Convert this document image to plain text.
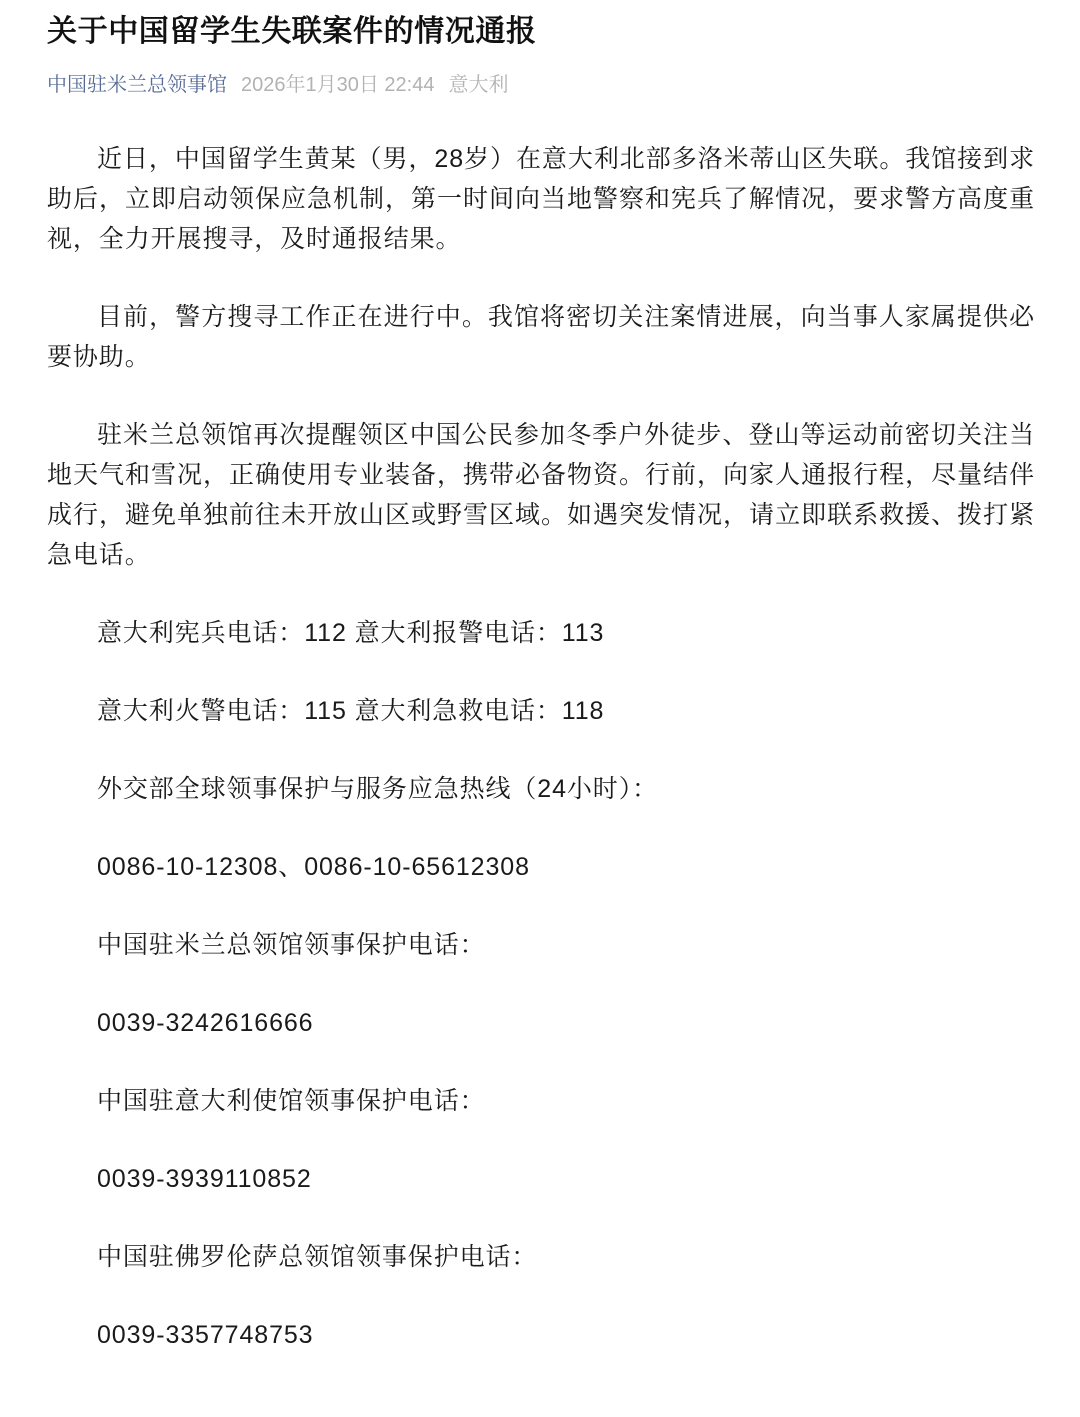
关于中国留学生失联案件的情况通报
中国驻米兰总领事馆 2026年1月30日 22:44 意大利

近日，中国留学生黄某（男，28岁）在意大利北部多洛米蒂山区失联。我馆接到求助后，立即启动领保应急机制，第一时间向当地警察和宪兵了解情况，要求警方高度重视，全力开展搜寻，及时通报结果。

目前，警方搜寻工作正在进行中。我馆将密切关注案情进展，向当事人家属提供必要协助。

驻米兰总领馆再次提醒领区中国公民参加冬季户外徒步、登山等运动前密切关注当地天气和雪况，正确使用专业装备，携带必备物资。行前，向家人通报行程，尽量结伴成行，避免单独前往未开放山区或野雪区域。如遇突发情况，请立即联系救援、拨打紧急电话。

意大利宪兵电话：112 意大利报警电话：113

意大利火警电话：115 意大利急救电话：118

外交部全球领事保护与服务应急热线（24小时）：

0086-10-12308、0086-10-65612308

中国驻米兰总领馆领事保护电话：

0039-3242616666

中国驻意大利使馆领事保护电话：

0039-3939110852

中国驻佛罗伦萨总领馆领事保护电话：

0039-3357748753
